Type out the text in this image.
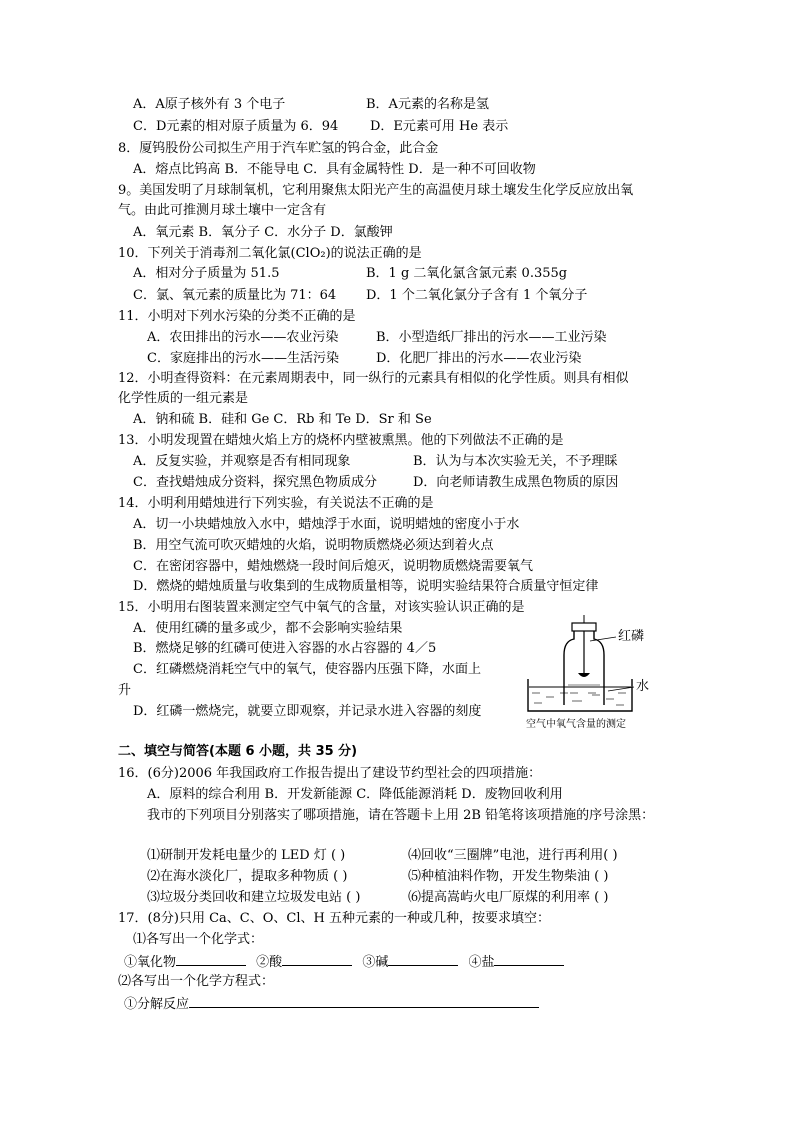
A．A原子核外有 3 个电子	B．A元素的名称是氢
C．D元素的相对原子质量为 6．94 D．E元素可用 He 表示
8．厦钨股份公司拟生产用于汽车贮氢的钨合金，此合金
A．熔点比钨高 B．不能导电 C．具有金属特性 D．是一种不可回收物
9。美国发明了月球制氧机，它利用聚焦太阳光产生的高温使月球土壤发生化学反应放出氧
气。由此可推测月球土壤中一定含有
A．氧元素 B．氧分子 C．水分子 D．氯酸钾
10．下列关于消毒剂二氧化氯(ClO₂)的说法正确的是
A．相对分子质量为 51.5	B．1 g 二氧化氯含氯元素 0.355g
C．氯、氧元素的质量比为 71：64 D．1 个二氧化氯分子含有 1 个氧分子
11．小明对下列水污染的分类不正确的是
A．农田排出的污水——农业污染	B．小型造纸厂排出的污水——工业污染
C．家庭排出的污水——生活污染	D．化肥厂排出的污水——农业污染
12．小明查得资料：在元素周期表中，同一纵行的元素具有相似的化学性质。则具有相似
化学性质的一组元素是
A．钠和硫 B．硅和 Ge C．Rb 和 Te D．Sr 和 Se
13．小明发现置在蜡烛火焰上方的烧杯内壁被熏黑。他的下列做法不正确的是
A．反复实验，并观察是否有相同现象	B．认为与本次实验无关，不予理睬
C．查找蜡烛成分资料，探究黑色物质成分	D．向老师请教生成黑色物质的原因
14．小明利用蜡烛进行下列实验，有关说法不正确的是
A．切一小块蜡烛放入水中，蜡烛浮于水面，说明蜡烛的密度小于水
B．用空气流可吹灭蜡烛的火焰，说明物质燃烧必须达到着火点
C．在密闭容器中，蜡烛燃烧一段时间后熄灭，说明物质燃烧需要氧气
D．燃烧的蜡烛质量与收集到的生成物质量相等，说明实验结果符合质量守恒定律
15．小明用右图装置来测定空气中氧气的含量，对该实验认识正确的是
A．使用红磷的量多或少，都不会影响实验结果
B．燃烧足够的红磷可使进入容器的水占容器的 4／5
C．红磷燃烧消耗空气中的氧气，使容器内压强下降，水面上
升
D．红磷一燃烧完，就要立即观察，并记录水进入容器的刻度
红磷
水
空气中氧气含量的测定
二、填空与简答(本题 6 小题，共 35 分)
16．(6分)2006 年我国政府工作报告提出了建设节约型社会的四项措施：
A．原料的综合利用 B．开发新能源 C．降低能源消耗 D．废物回收利用
我市的下列项目分别落实了哪项措施，请在答题卡上用 2B 铅笔将该项措施的序号涂黑：
⑴研制开发耗电量少的 LED 灯 ( )	⑷回收“三圈牌”电池，进行再利用( )
⑵在海水淡化厂，提取多种物质 ( )	⑸种植油料作物，开发生物柴油 ( )
⑶垃圾分类回收和建立垃圾发电站 ( )	⑹提高嵩屿火电厂原煤的利用率 ( )
17．(8分)只用 Ca、C、O、Cl、H 五种元素的一种或几种，按要求填空：
⑴各写出一个化学式：
①氧化物	②酸	③碱	④盐
⑵各写出一个化学方程式：
①分解反应
